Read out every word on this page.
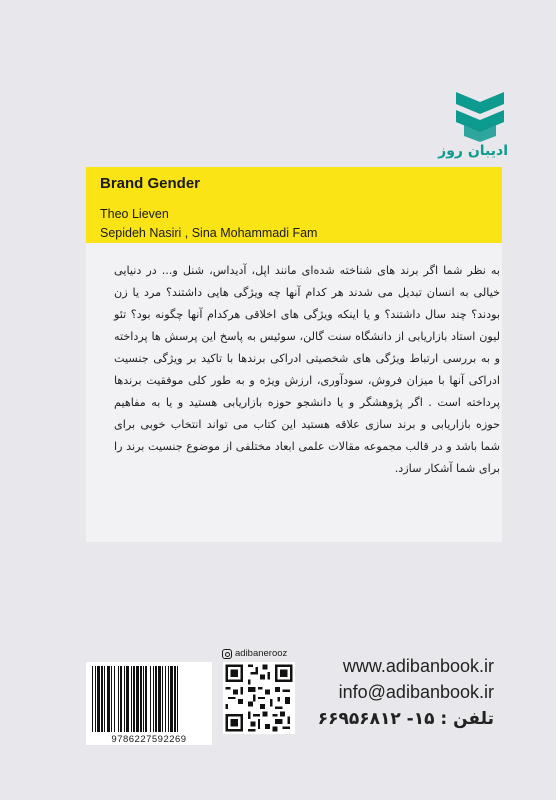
ادیبان روز
Brand Gender
Theo Lieven
Sepideh Nasiri , Sina Mohammadi Fam
به نظر شما اگر برند های شناخته شده‌ای مانند اپل، آدیداس، شنل و... در دنیایی خیالی به انسان تبدیل می شدند هر کدام آنها چه ویژگی هایی داشتند؟ مرد یا زن بودند؟ چند سال داشتند؟ و یا اینکه ویژگی های اخلاقی هرکدام آنها چگونه بود؟ تئو لیون استاد بازاریابی از دانشگاه سنت گالن، سوئیس به پاسخ این پرسش ها پرداخته و به بررسی ارتباط ویژگی های شخصیتی ادراکی برندها با تاکید بر ویژگی جنسیت ادراکی آنها با میزان فروش، سودآوری، ارزش ویژه و به طور کلی موفقیت برندها پرداخته است . اگر پژوهشگر و یا دانشجو حوزه بازاریابی هستید و یا به مفاهیم حوزه بازاریابی و برند سازی علاقه هستید این کتاب می تواند انتخاب خوبی برای شما باشد و در قالب مجموعه مقالات علمی ابعاد مختلفی از موضوع جنسیت برند را برای شما آشکار سازد.
adibanerooz
9786227592269
www.adibanbook.ir
info@adibanbook.ir
تلفن : ۱۵- ۶۶۹۵۶۸۱۲
